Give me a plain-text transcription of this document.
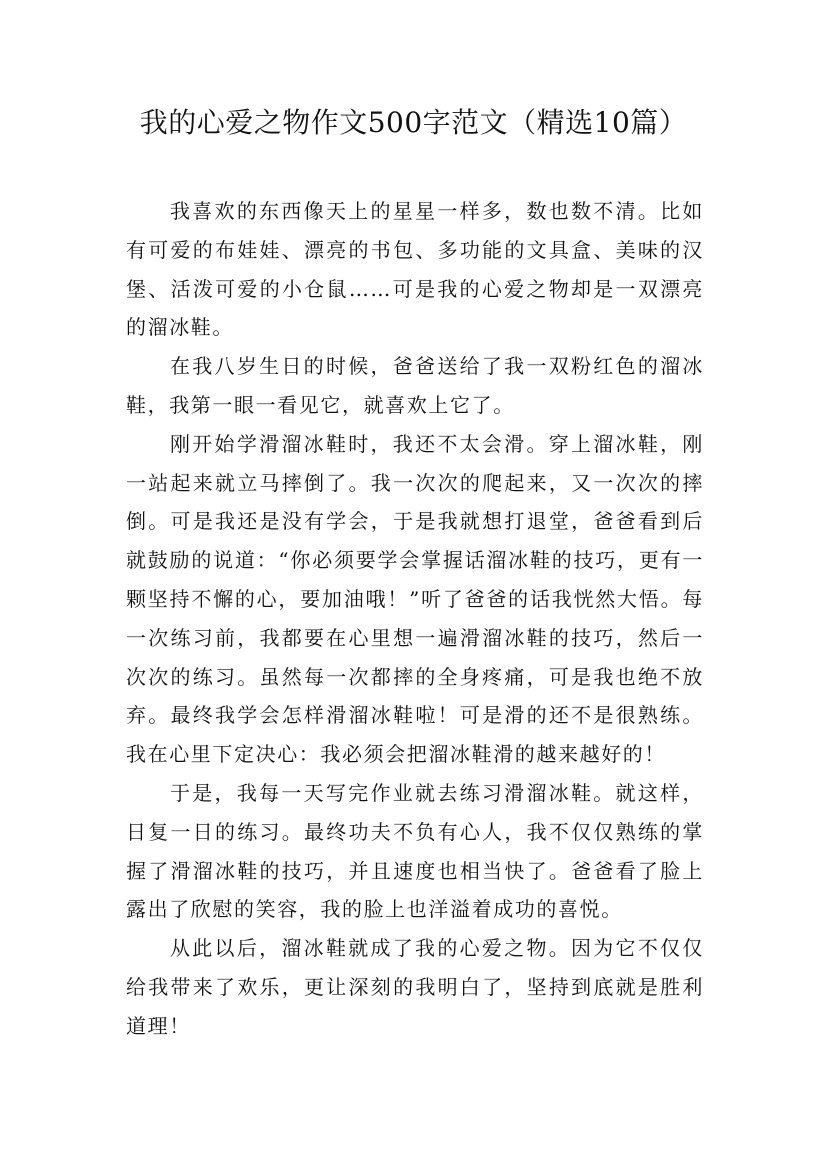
我的心爱之物作文500字范文（精选10篇）

我喜欢的东西像天上的星星一样多，数也数不清。比如有可爱的布娃娃、漂亮的书包、多功能的文具盒、美味的汉堡、活泼可爱的小仓鼠……可是我的心爱之物却是一双漂亮的溜冰鞋。

在我八岁生日的时候，爸爸送给了我一双粉红色的溜冰鞋，我第一眼一看见它，就喜欢上它了。

刚开始学滑溜冰鞋时，我还不太会滑。穿上溜冰鞋，刚一站起来就立马摔倒了。我一次次的爬起来，又一次次的摔倒。可是我还是没有学会，于是我就想打退堂，爸爸看到后就鼓励的说道：“你必须要学会掌握话溜冰鞋的技巧，更有一颗坚持不懈的心，要加油哦！”听了爸爸的话我恍然大悟。每一次练习前，我都要在心里想一遍滑溜冰鞋的技巧，然后一次次的练习。虽然每一次都摔的全身疼痛，可是我也绝不放弃。最终我学会怎样滑溜冰鞋啦！可是滑的还不是很熟练。我在心里下定决心：我必须会把溜冰鞋滑的越来越好的！

于是，我每一天写完作业就去练习滑溜冰鞋。就这样，日复一日的练习。最终功夫不负有心人，我不仅仅熟练的掌握了滑溜冰鞋的技巧，并且速度也相当快了。爸爸看了脸上露出了欣慰的笑容，我的脸上也洋溢着成功的喜悦。

从此以后，溜冰鞋就成了我的心爱之物。因为它不仅仅给我带来了欢乐，更让深刻的我明白了，坚持到底就是胜利道理！
